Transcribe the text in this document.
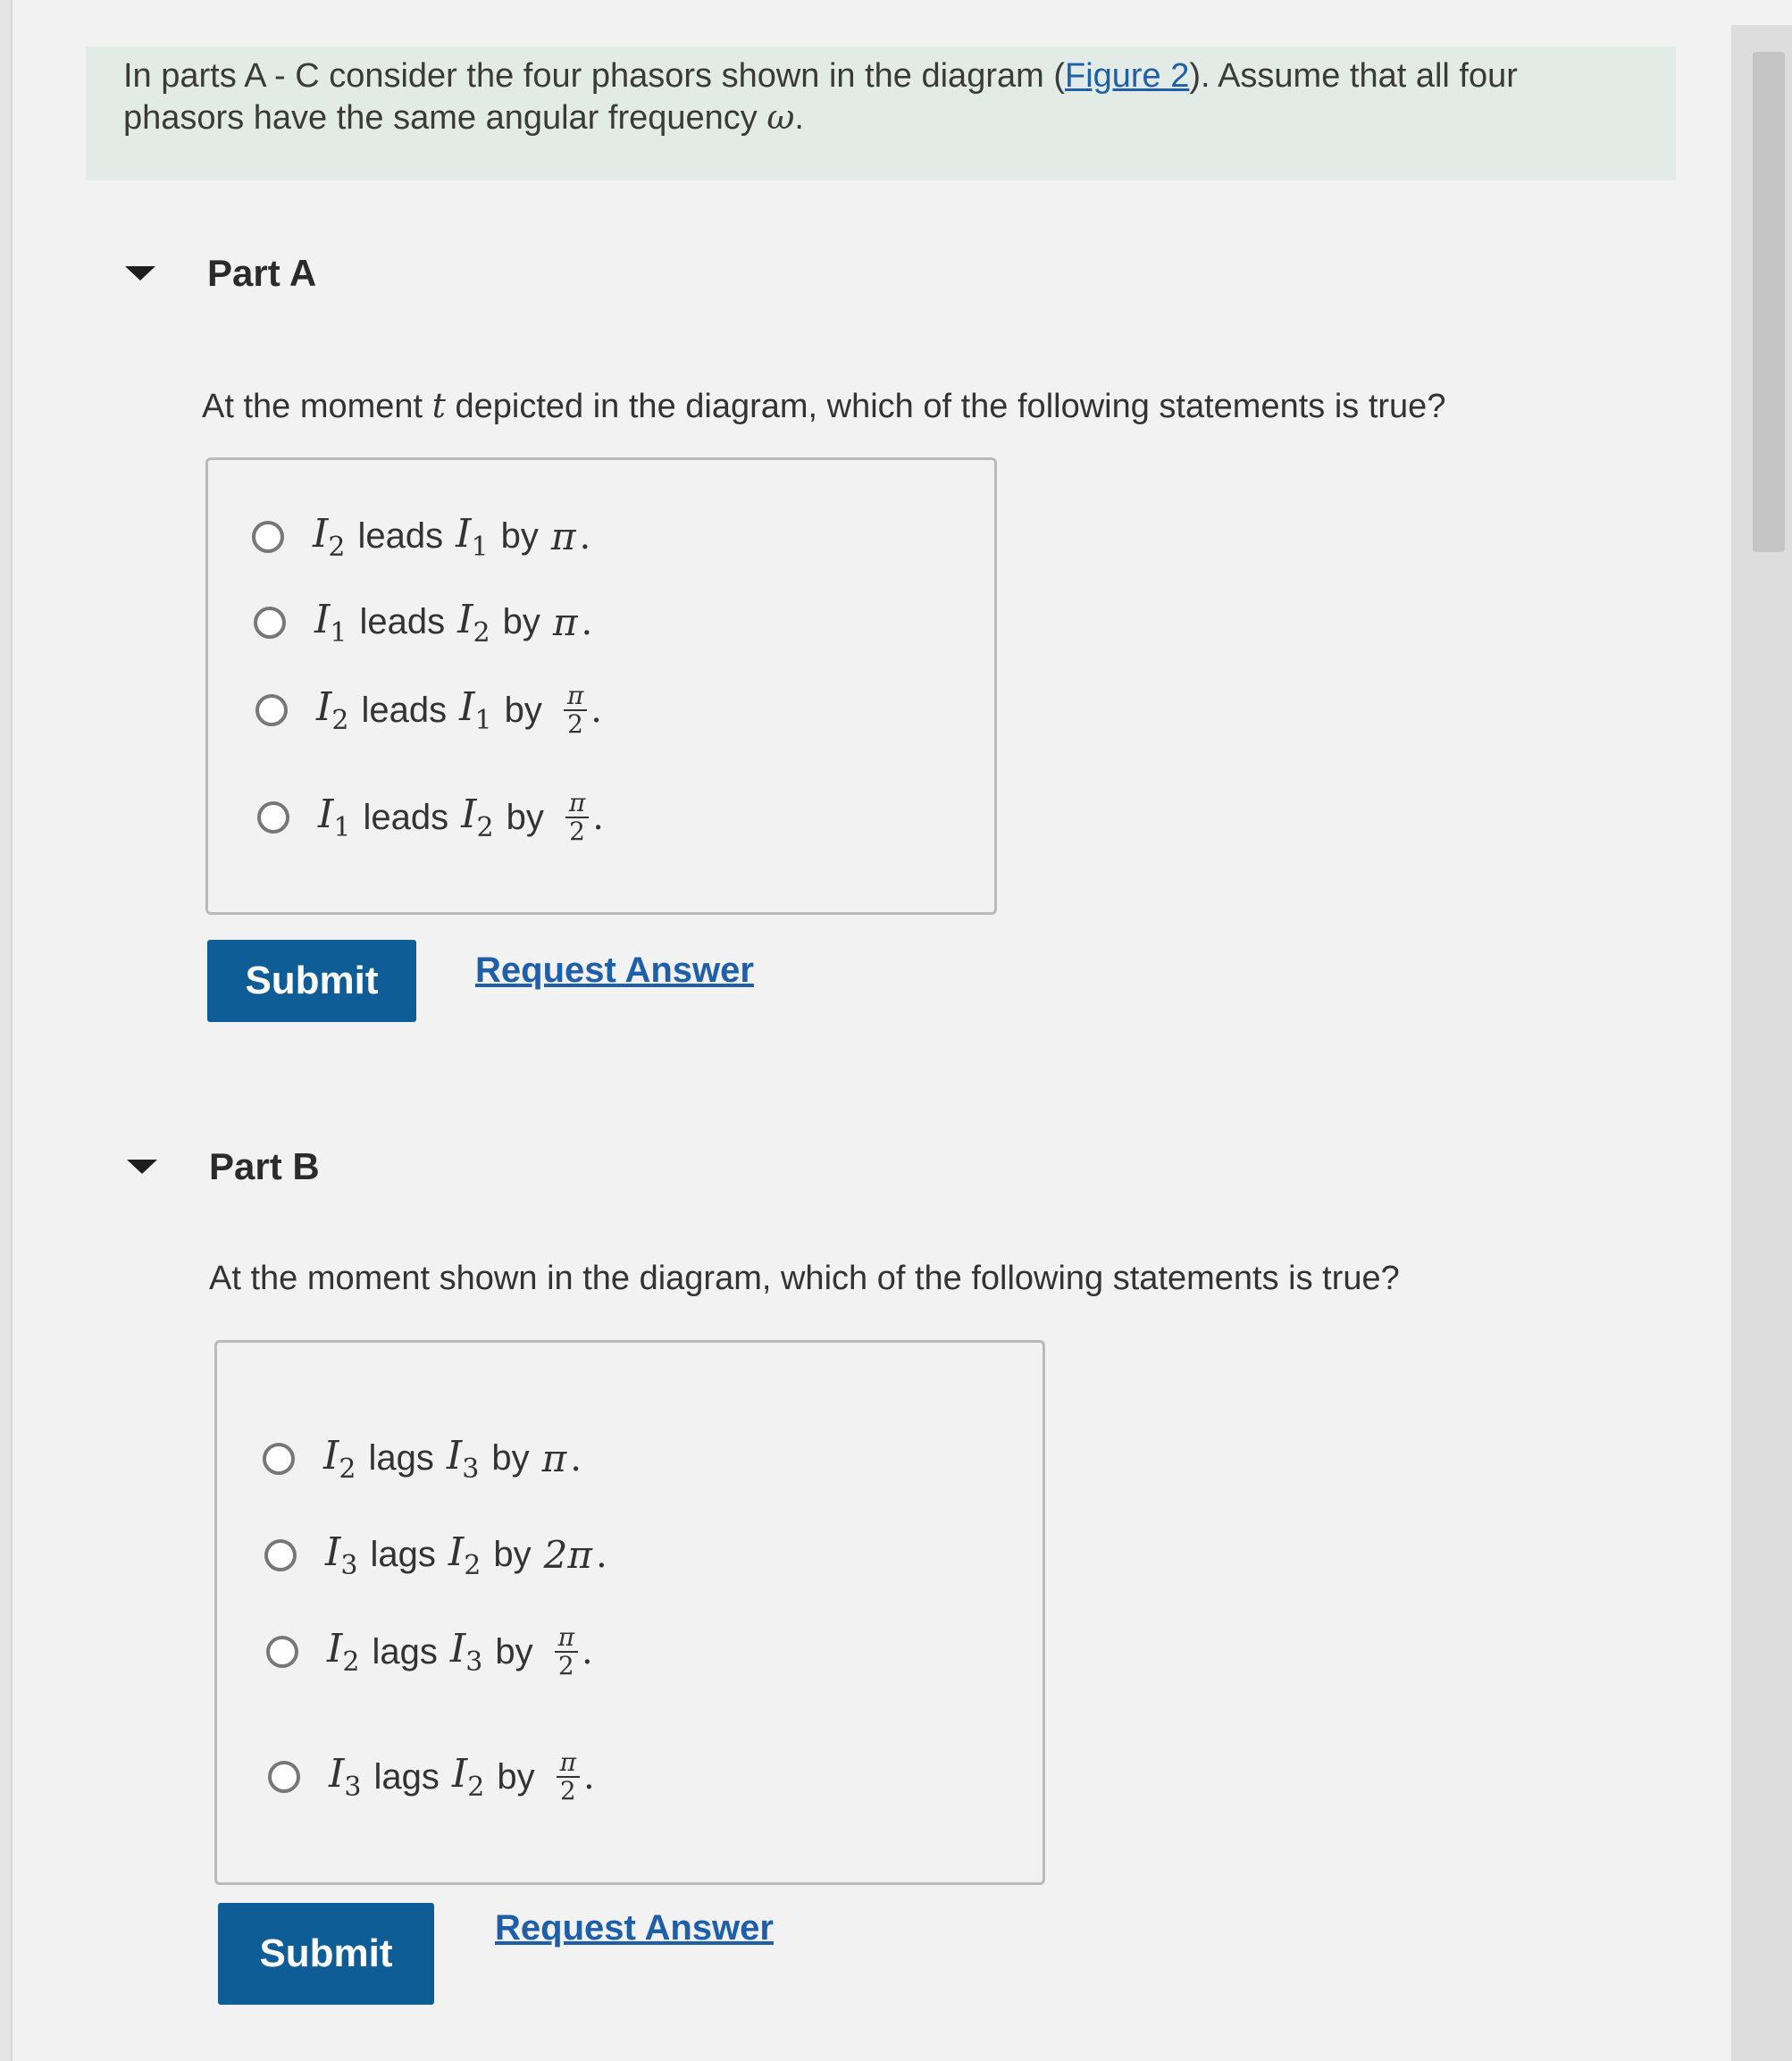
In parts A - C consider the four phasors shown in the diagram (Figure 2). Assume that all four phasors have the same angular frequency ω.

Part A

At the moment t depicted in the diagram, which of the following statements is true?

$I_2$ leads $I_1$ by π .
$I_1$ leads $I_2$ by π .
$I_2$ leads $I_1$ by $\frac{\pi}{2}$ .
$I_1$ leads $I_2$ by $\frac{\pi}{2}$ .
Submit	Request Answer
Part B

At the moment shown in the diagram, which of the following statements is true?

$I_2$ lags $I_3$ by π .
$I_3$ lags $I_2$ by 2π .
$I_2$ lags $I_3$ by $\frac{\pi}{2}$ .
$I_3$ lags $I_2$ by $\frac{\pi}{2}$ .
Submit
Request Answer
